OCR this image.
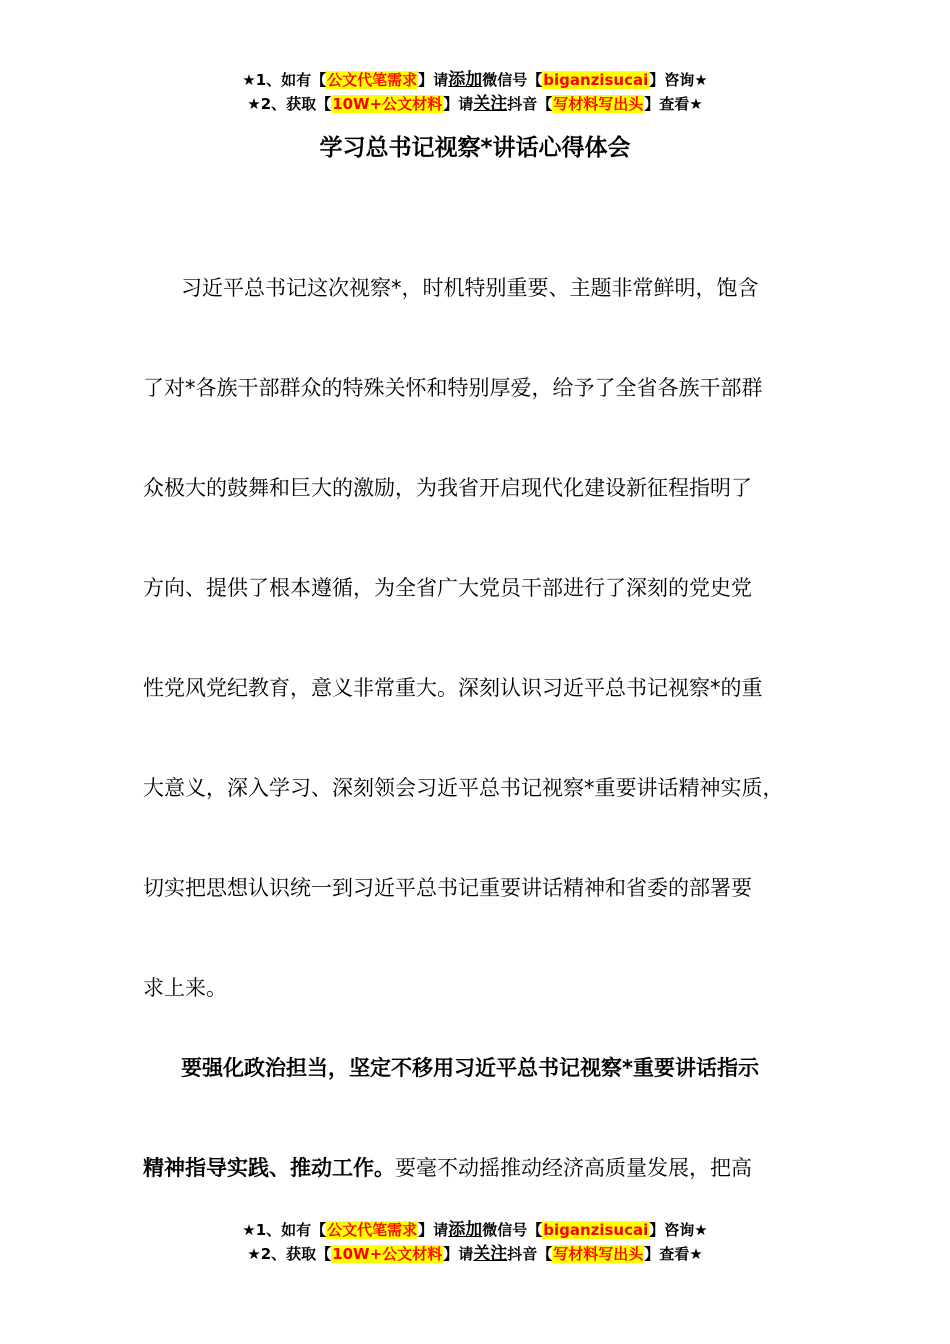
★1、如有【公文代笔需求】请添加微信号【biganzisucai】咨询★
★2、获取【10W+公文材料】请关注抖音【写材料写出头】查看★
学习总书记视察*讲话心得体会
习近平总书记这次视察*，时机特别重要、主题非常鲜明，饱含
了对*各族干部群众的特殊关怀和特别厚爱，给予了全省各族干部群
众极大的鼓舞和巨大的激励，为我省开启现代化建设新征程指明了
方向、提供了根本遵循，为全省广大党员干部进行了深刻的党史党
性党风党纪教育，意义非常重大。深刻认识习近平总书记视察*的重
大意义，深入学习、深刻领会习近平总书记视察*重要讲话精神实质，
切实把思想认识统一到习近平总书记重要讲话精神和省委的部署要
求上来。
要强化政治担当，坚定不移用习近平总书记视察*重要讲话指示
精神指导实践、推动工作。要毫不动摇推动经济高质量发展，把高
★1、如有【公文代笔需求】请添加微信号【biganzisucai】咨询★
★2、获取【10W+公文材料】请关注抖音【写材料写出头】查看★
